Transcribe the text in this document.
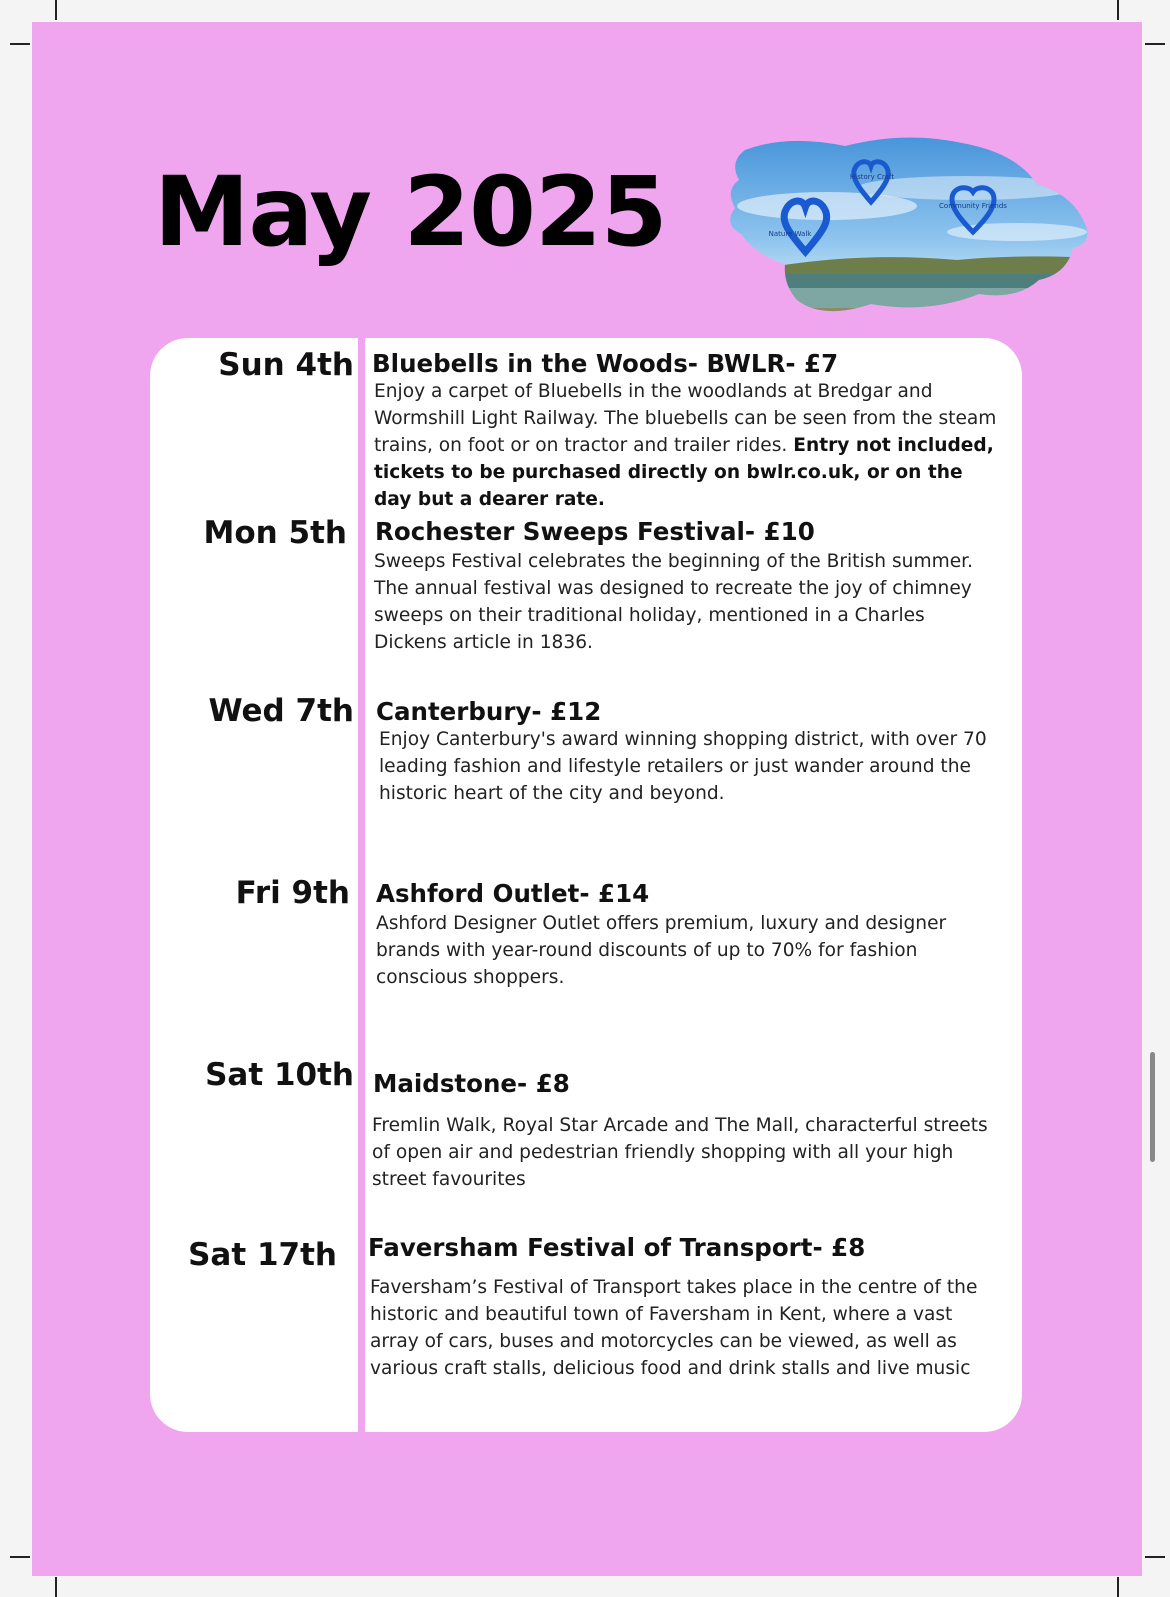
May 2025	Nature Walk
History Craft
Community Friends
Sun 4th Bluebells in the Woods- BWLR- £7

Enjoy a carpet of Bluebells in the woodlands at Bredgar and Wormshill Light Railway. The bluebells can be seen from the steam trains, on foot or on tractor and trailer rides. Entry not included, tickets to be purchased directly on bwlr.co.uk, or on the day but a dearer rate.

Mon 5th Rochester Sweeps Festival- £10

Sweeps Festival celebrates the beginning of the British summer. The annual festival was designed to recreate the joy of chimney sweeps on their traditional holiday, mentioned in a Charles Dickens article in 1836.

Wed 7th Canterbury- £12

Enjoy Canterbury's award winning shopping district, with over 70 leading fashion and lifestyle retailers or just wander around the historic heart of the city and beyond.

Fri 9th Ashford Outlet- £14

Ashford Designer Outlet offers premium, luxury and designer brands with year-round discounts of up to 70% for fashion conscious shoppers.

Sat 10th Maidstone- £8

Fremlin Walk, Royal Star Arcade and The Mall, characterful streets of open air and pedestrian friendly shopping with all your high street favourites

Sat 17th Faversham Festival of Transport- £8

Faversham’s Festival of Transport takes place in the centre of the historic and beautiful town of Faversham in Kent, where a vast array of cars, buses and motorcycles can be viewed, as well as various craft stalls, delicious food and drink stalls and live music
